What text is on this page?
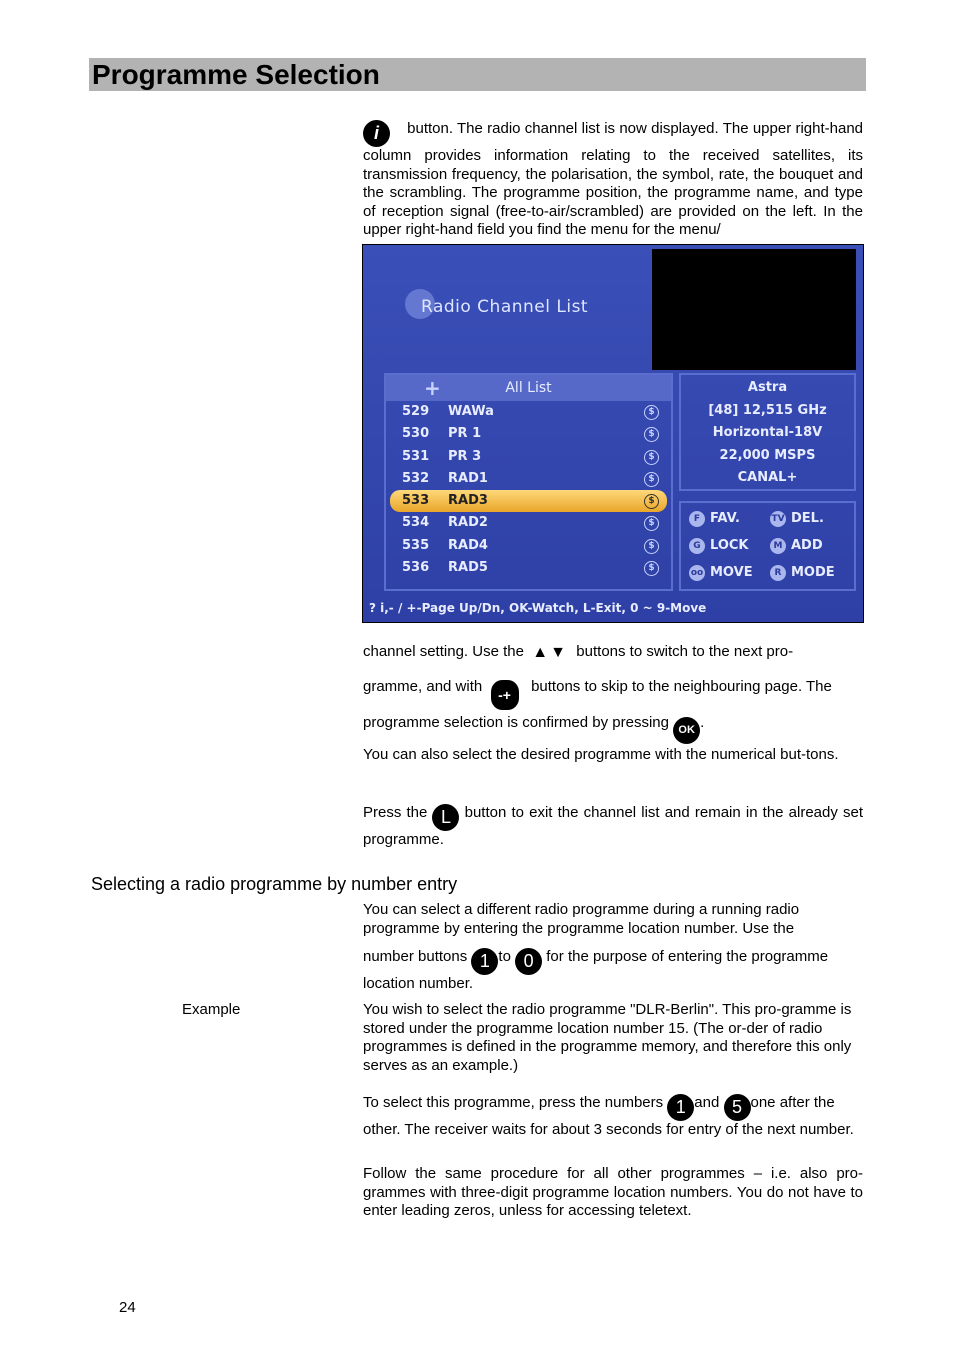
Programme Selection
i button. The radio channel list is now displayed. The upper right-hand column provides information relating to the received satellites, its transmission frequency, the polarisation, the symbol, rate, the bouquet and the scrambling. The programme position, the programme name, and type of reception signal (free-to-air/scrambled) are provided on the left. In the upper right-hand field you find the menu for the menu/
Radio Channel List
+	All List
529 WAWa	$
530 PR 1	$
531 PR 3	$
532 RAD1	$
533 RAD3	$
534 RAD2	$
535 RAD4	$
536 RAD5	$
Astra
[48] 12,515 GHz
Horizontal-18V
22,000 MSPS
CANAL+
F FAV.	TV DEL.
G LOCK	M ADD
oo MOVE	R MODE
? i,- / +-Page Up/Dn, OK-Watch, L-Exit, 0 ~ 9-Move
channel setting. Use the ▲▼ buttons to switch to the next pro-
gramme, and with -+ buttons to skip to the neighbouring page. The
programme selection is confirmed by pressing OK .
You can also select the desired programme with the numerical but-tons.
Press the L button to exit the channel list and remain in the already set programme.
Selecting a radio programme by number entry
You can select a different radio programme during a running radio programme by entering the programme location number. Use the
number buttons 1 to 0 for the purpose of entering the programme location number.
Example	You wish to select the radio programme "DLR-Berlin". This pro-gramme is stored under the programme location number 15. (The or-der of radio programmes is defined in the programme memory, and therefore this only serves as an example.)
To select this programme, press the numbers 1 and 5 one after the other. The receiver waits for about 3 seconds for entry of the next number.
Follow the same procedure for all other programmes – i.e. also pro-grammes with three-digit programme location numbers. You do not have to enter leading zeros, unless for accessing teletext.
24
